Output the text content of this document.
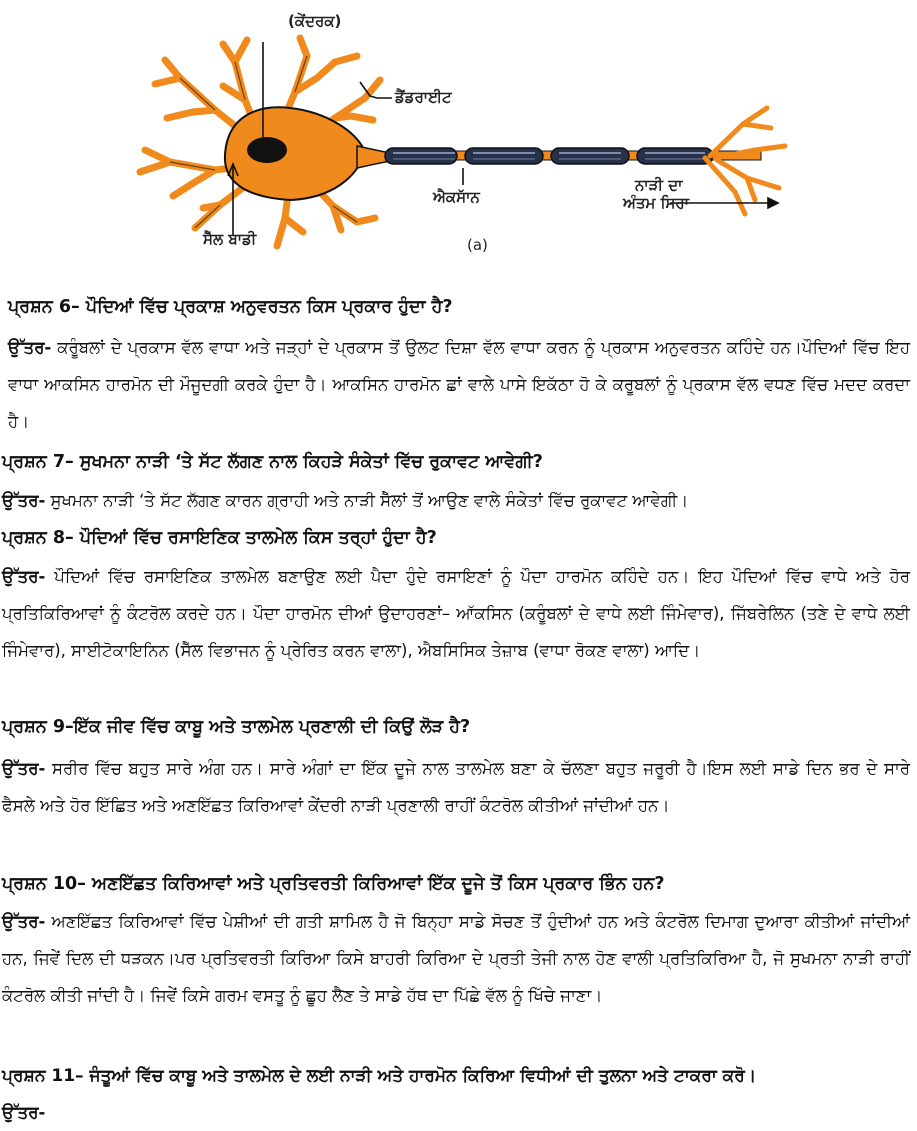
(ਕੇਂਦਰਕ)
ਡੈਂਡਰਾਈਟ
ਐਕਸਾੱਨ
ਨਾੜੀ ਦਾ
ਅੰਤਮ ਸਿਰਾ
ਸੈੱਲ ਬਾਡੀ	(a)
ਪ੍ਰਸ਼ਨ 6– ਪੌਦਿਆਂ ਵਿੱਚ ਪ੍ਰਕਾਸ਼ ਅਨੁਵਰਤਨ ਕਿਸ ਪ੍ਰਕਾਰ ਹੁੰਦਾ ਹੈ?
ਉੱਤਰ- ਕਰੂੰਬਲਾਂ ਦੇ ਪ੍ਰਕਾਸ ਵੱਲ ਵਾਧਾ ਅਤੇ ਜੜ੍ਹਾਂ ਦੇ ਪ੍ਰਕਾਸ ਤੋਂ ਉਲਟ ਦਿਸ਼ਾ ਵੱਲ ਵਾਧਾ ਕਰਨ ਨੂੰ ਪ੍ਰਕਾਸ ਅਨੁਵਰਤਨ ਕਹਿੰਦੇ ਹਨ।ਪੌਦਿਆਂ ਵਿੱਚ ਇਹ ਵਾਧਾ ਆਕਸਿਨ ਹਾਰਮੋਨ ਦੀ ਮੌਜੂਦਗੀ ਕਰਕੇ ਹੁੰਦਾ ਹੈ। ਆਕਸਿਨ ਹਾਰਮੋਨ ਛਾਂ ਵਾਲੇ ਪਾਸੇ ਇਕੱਠਾ ਹੋ ਕੇ ਕਰੂਬਲਾਂ ਨੂੰ ਪ੍ਰਕਾਸ ਵੱਲ ਵਧਣ ਵਿੱਚ ਮਦਦ ਕਰਦਾ ਹੈ।
ਪ੍ਰਸ਼ਨ 7– ਸੁਖਮਨਾ ਨਾੜੀ ‘ਤੇ ਸੱਟ ਲੱਗਣ ਨਾਲ ਕਿਹੜੇ ਸੰਕੇਤਾਂ ਵਿੱਚ ਰੁਕਾਵਟ ਆਵੇਗੀ?
ਉੱਤਰ- ਸੁਖਮਨਾ ਨਾੜੀ ‘ਤੇ ਸੱਟ ਲੱਗਣ ਕਾਰਨ ਗ੍ਰਾਹੀ ਅਤੇ ਨਾੜੀ ਸੈੱਲਾਂ ਤੋਂ ਆਉਣ ਵਾਲੇ ਸੰਕੇਤਾਂ ਵਿੱਚ ਰੁਕਾਵਟ ਆਵੇਗੀ।
ਪ੍ਰਸ਼ਨ 8– ਪੌਦਿਆਂ ਵਿੱਚ ਰਸਾਇਣਿਕ ਤਾਲਮੇਲ ਕਿਸ ਤਰ੍ਹਾਂ ਹੁੰਦਾ ਹੈ?
ਉੱਤਰ- ਪੌਦਿਆਂ ਵਿੱਚ ਰਸਾਇਣਿਕ ਤਾਲਮੇਲ ਬਣਾਉਣ ਲਈ ਪੈਦਾ ਹੁੰਦੇ ਰਸਾਇਣਾਂ ਨੂੰ ਪੌਦਾ ਹਾਰਮੋਨ ਕਹਿੰਦੇ ਹਨ। ਇਹ ਪੌਦਿਆਂ ਵਿੱਚ ਵਾਧੇ ਅਤੇ ਹੋਰ ਪ੍ਰਤਿਕਿਰਿਆਵਾਂ ਨੂੰ ਕੰਟਰੋਲ ਕਰਦੇ ਹਨ। ਪੌਦਾ ਹਾਰਮੋਨ ਦੀਆਂ ਉਦਾਹਰਣਾਂ– ਆੱਕਸਿਨ (ਕਰੂੰਬਲਾਂ ਦੇ ਵਾਧੇ ਲਈ ਜਿੰਮੇਵਾਰ), ਜਿੱਬਰੇਲਿਨ (ਤਣੇ ਦੇ ਵਾਧੇ ਲਈ ਜਿੰਮੇਵਾਰ), ਸਾਈਟੋਕਾਇਨਿਨ (ਸੈੱਲ ਵਿਭਾਜਨ ਨੂੰ ਪ੍ਰੇਰਿਤ ਕਰਨ ਵਾਲਾ), ਐਬਸਿਸਿਕ ਤੇਜ਼ਾਬ (ਵਾਧਾ ਰੋਕਣ ਵਾਲਾ) ਆਦਿ।
ਪ੍ਰਸ਼ਨ 9–ਇੱਕ ਜੀਵ ਵਿੱਚ ਕਾਬੂ ਅਤੇ ਤਾਲਮੇਲ ਪ੍ਰਣਾਲੀ ਦੀ ਕਿਉਂ ਲੋੜ ਹੈ?
ਉੱਤਰ- ਸਰੀਰ ਵਿੱਚ ਬਹੁਤ ਸਾਰੇ ਅੰਗ ਹਨ। ਸਾਰੇ ਅੰਗਾਂ ਦਾ ਇੱਕ ਦੂਜੇ ਨਾਲ ਤਾਲਮੇਲ ਬਣਾ ਕੇ ਚੱਲਣਾ ਬਹੁਤ ਜਰੂਰੀ ਹੈ।ਇਸ ਲਈ ਸਾਡੇ ਦਿਨ ਭਰ ਦੇ ਸਾਰੇ ਫੈਸਲੇ ਅਤੇ ਹੋਰ ਇੱਛਿਤ ਅਤੇ ਅਣਇੱਛਤ ਕਿਰਿਆਵਾਂ ਕੇਂਦਰੀ ਨਾੜੀ ਪ੍ਰਣਾਲੀ ਰਾਹੀਂ ਕੰਟਰੋਲ ਕੀਤੀਆਂ ਜਾਂਦੀਆਂ ਹਨ।
ਪ੍ਰਸ਼ਨ 10– ਅਣਇੱਛਤ ਕਿਰਿਆਵਾਂ ਅਤੇ ਪ੍ਰਤਿਵਰਤੀ ਕਿਰਿਆਵਾਂ ਇੱਕ ਦੂਜੇ ਤੋਂ ਕਿਸ ਪ੍ਰਕਾਰ ਭਿੰਨ ਹਨ?
ਉੱਤਰ- ਅਣਇੱਛਤ ਕਿਰਿਆਵਾਂ ਵਿੱਚ ਪੇਸ਼ੀਆਂ ਦੀ ਗਤੀ ਸ਼ਾਮਿਲ ਹੈ ਜੋ ਬਿਨ੍ਹਾ ਸਾਡੇ ਸੋਚਣ ਤੋਂ ਹੁੰਦੀਆਂ ਹਨ ਅਤੇ ਕੰਟਰੋਲ ਦਿਮਾਗ ਦੁਆਰਾ ਕੀਤੀਆਂ ਜਾਂਦੀਆਂ ਹਨ, ਜਿਵੇਂ ਦਿਲ ਦੀ ਧੜਕਨ।ਪਰ ਪ੍ਰਤਿਵਰਤੀ ਕਿਰਿਆ ਕਿਸੇ ਬਾਹਰੀ ਕਿਰਿਆ ਦੇ ਪ੍ਰਤੀ ਤੇਜੀ ਨਾਲ ਹੋਣ ਵਾਲੀ ਪ੍ਰਤਿਕਿਰਿਆ ਹੈ, ਜੋ ਸੁਖਮਨਾ ਨਾੜੀ ਰਾਹੀਂ ਕੰਟਰੋਲ ਕੀਤੀ ਜਾਂਦੀ ਹੈ। ਜਿਵੇਂ ਕਿਸੇ ਗਰਮ ਵਸਤੂ ਨੂੰ ਛੂਹ ਲੈਣ ਤੇ ਸਾਡੇ ਹੱਥ ਦਾ ਪਿੱਛੇ ਵੱਲ ਨੂੰ ਖਿੱਚੇ ਜਾਣਾ।
ਪ੍ਰਸ਼ਨ 11– ਜੰਤੂਆਂ ਵਿੱਚ ਕਾਬੂ ਅਤੇ ਤਾਲਮੇਲ ਦੇ ਲਈ ਨਾੜੀ ਅਤੇ ਹਾਰਮੋਨ ਕਿਰਿਆ ਵਿਧੀਆਂ ਦੀ ਤੁਲਨਾ ਅਤੇ ਟਾਕਰਾ ਕਰੋ।
ਉੱਤਰ-
